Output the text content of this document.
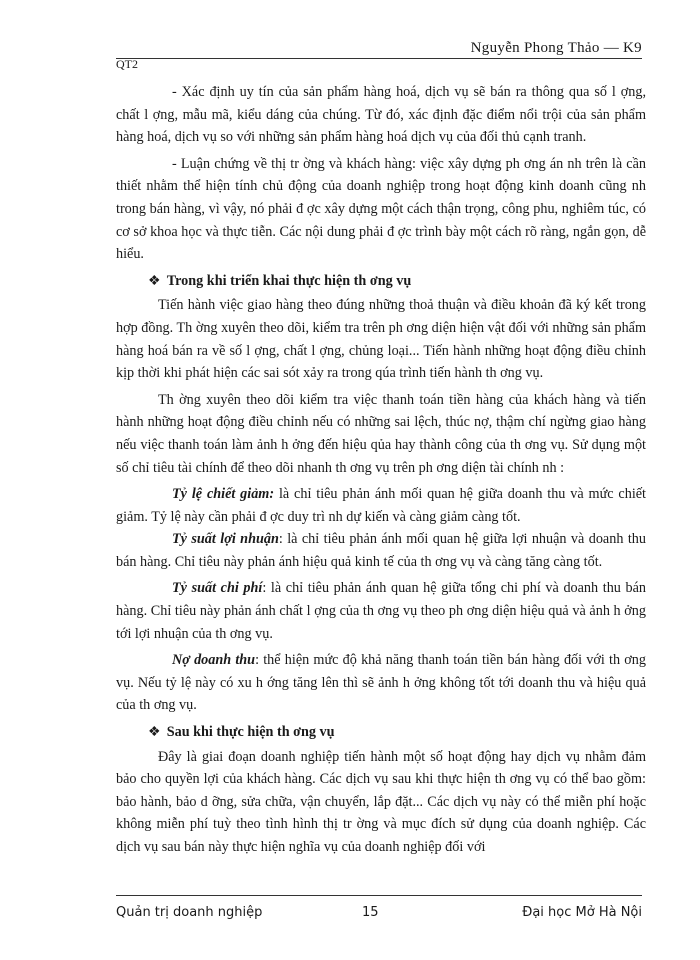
Nguyễn Phong Thảo — K9
QT2

- Xác định uy tín của sản phẩm hàng hoá, dịch vụ sẽ bán ra thông qua số l ợng, chất l ợng, mẫu mã, kiểu dáng của chúng. Từ đó, xác định đặc điểm nổi trội của sản phẩm hàng hoá, dịch vụ so với những sản phẩm hàng hoá dịch vụ của đối thủ cạnh tranh.

- Luận chứng về thị tr ờng và khách hàng: việc xây dựng ph ơng án nh trên là cần thiết nhằm thể hiện tính chủ động của doanh nghiệp trong hoạt động kinh doanh cũng nh trong bán hàng, vì vậy, nó phải đ ợc xây dựng một cách thận trọng, công phu, nghiêm túc, có cơ sở khoa học và thực tiễn. Các nội dung phải đ ợc trình bày một cách rõ ràng, ngắn gọn, dễ hiểu.

❖ Trong khi triển khai thực hiện th ơng vụ

Tiến hành việc giao hàng theo đúng những thoả thuận và điều khoản đã ký kết trong hợp đồng. Th ờng xuyên theo dõi, kiểm tra trên ph ơng diện hiện vật đối với những sản phẩm hàng hoá bán ra về số l ợng, chất l ợng, chủng loại... Tiến hành những hoạt động điều chỉnh kịp thời khi phát hiện các sai sót xảy ra trong qúa trình tiến hành th ơng vụ.

Th ờng xuyên theo dõi kiểm tra việc thanh toán tiền hàng của khách hàng và tiến hành những hoạt động điều chỉnh nếu có những sai lệch, thúc nợ, thậm chí ngừng giao hàng nếu việc thanh toán làm ảnh h ởng đến hiệu qủa hay thành công của th ơng vụ. Sử dụng một số chỉ tiêu tài chính để theo dõi nhanh th ơng vụ trên ph ơng diện tài chính nh :

Tỷ lệ chiết giảm: là chỉ tiêu phản ánh mối quan hệ giữa doanh thu và mức chiết giảm. Tỷ lệ này cần phải đ ợc duy trì nh dự kiến và càng giảm càng tốt.

Tỷ suất lợi nhuận: là chỉ tiêu phản ánh mối quan hệ giữa lợi nhuận và doanh thu bán hàng. Chỉ tiêu này phản ánh hiệu quả kinh tế của th ơng vụ và càng tăng càng tốt.

Tỷ suất chi phí: là chỉ tiêu phản ánh quan hệ giữa tổng chi phí và doanh thu bán hàng. Chỉ tiêu này phản ánh chất l ợng của th ơng vụ theo ph ơng diện hiệu quả và ảnh h ởng tới lợi nhuận của th ơng vụ.

Nợ doanh thu: thể hiện mức độ khả năng thanh toán tiền bán hàng đối với th ơng vụ. Nếu tỷ lệ này có xu h ớng tăng lên thì sẽ ảnh h ởng không tốt tới doanh thu và hiệu quả của th ơng vụ.

❖ Sau khi thực hiện th ơng vụ

Đây là giai đoạn doanh nghiệp tiến hành một số hoạt động hay dịch vụ nhằm đảm bảo cho quyền lợi của khách hàng. Các dịch vụ sau khi thực hiện th ơng vụ có thể bao gồm: bảo hành, bảo d ỡng, sửa chữa, vận chuyển, lắp đặt... Các dịch vụ này có thể miễn phí hoặc không miễn phí tuỳ theo tình hình thị tr ờng và mục đích sử dụng của doanh nghiệp. Các dịch vụ sau bán này thực hiện nghĩa vụ của doanh nghiệp đối với

Quản trị doanh nghiệp	15	Đại học Mở Hà Nội
